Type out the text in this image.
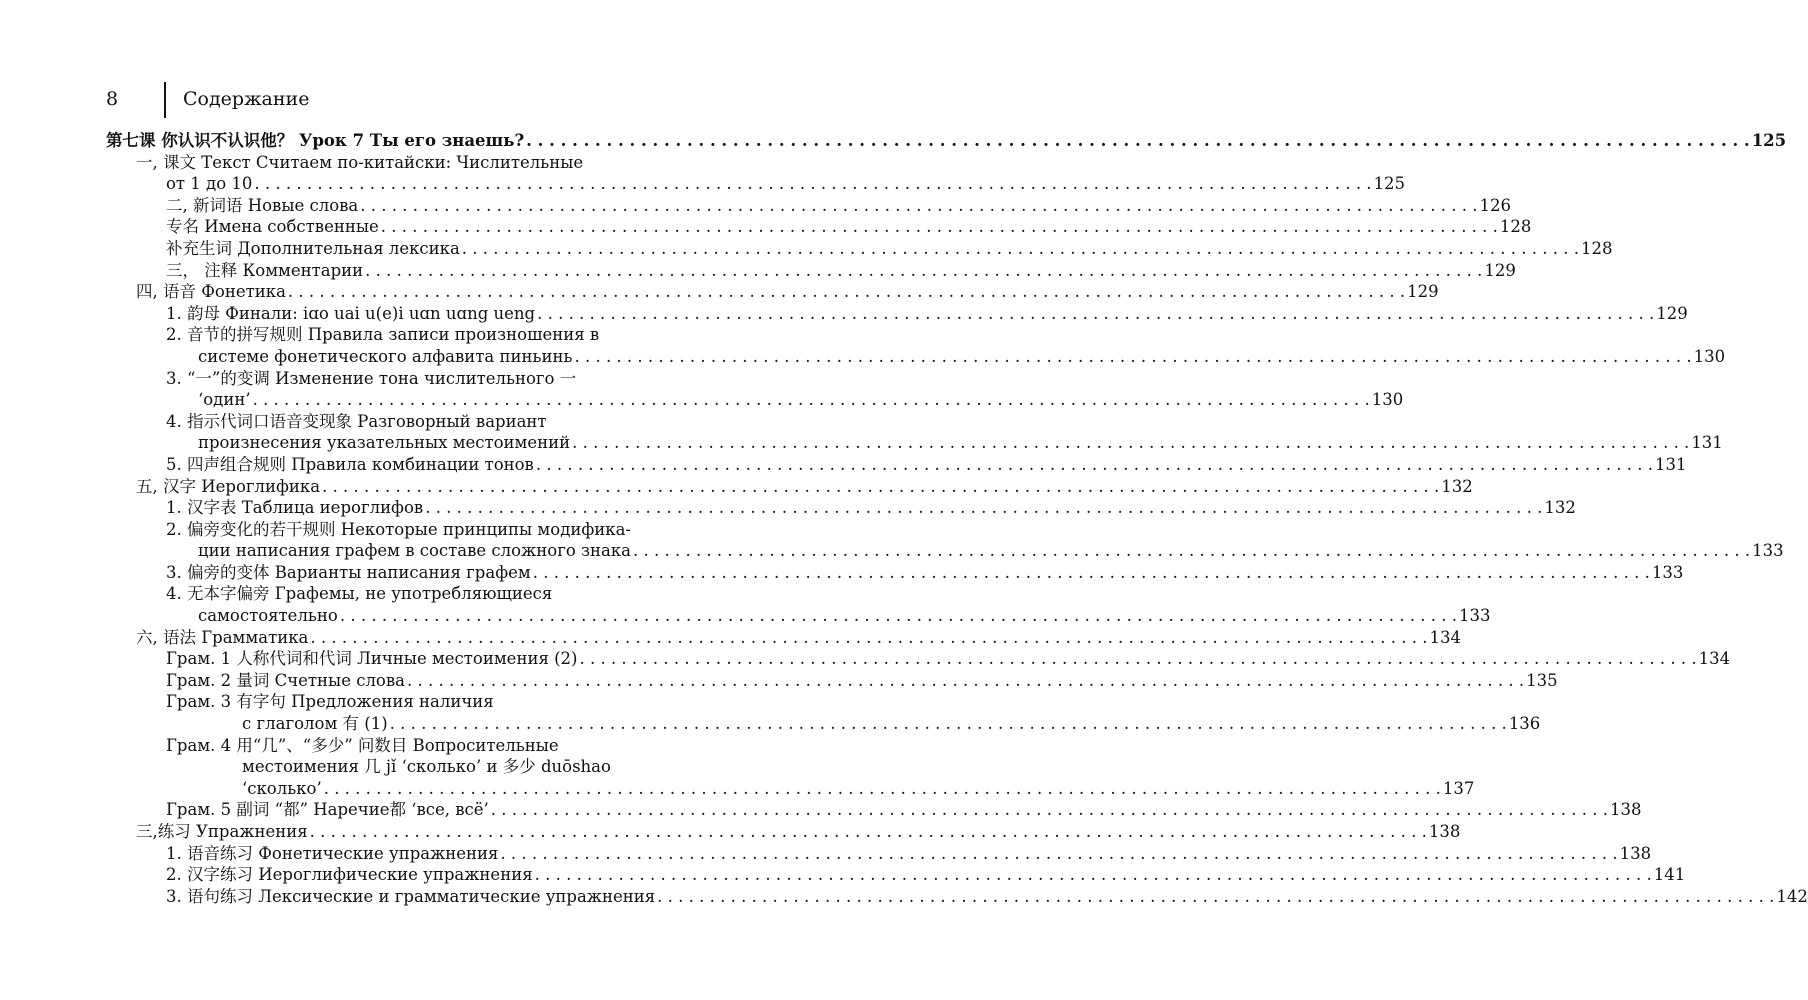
8	Содержание
第七课 你认识不认识他？ Урок 7 Ты его знаешь? . . .	125
一, 课文 Текст Считаем по-китайски: Числительные
от 1 до 10 . . .	125
二, 新词语 Новые слова . . .	126
专名 Имена собственные . . .	128
补充生词 Дополнительная лексика . . .	128
三， 注释 Комментарии . . .	129
四, 语音 Фонетика . . .	129
1. 韵母 Финали: iɑo uai u(e)i uɑn uɑng ueng . . .	129
2. 音节的拼写规则 Правила записи произношения в
системе фонетического алфавита пиньинь . . .	130
3. “一”的变调 Изменение тона числительного 一
‘один’ . . .	130
4. 指示代词口语音变现象 Разговорный вариант
произнесения указательных местоимений . . .	131
5. 四声组合规则 Правила комбинации тонов . . .	131
五, 汉字 Иероглифика . . .	132
1. 汉字表 Таблица иероглифов . . .	132
2. 偏旁变化的若干规则 Некоторые принципы модифика-
ции написания графем в составе сложного знака . . .	133
3. 偏旁的变体 Варианты написания графем . . .	133
4. 无本字偏旁 Графемы, не употребляющиеся
самостоятельно . . .	133
六, 语法 Грамматика . . .	134
Грам. 1 人称代词和代词 Личные местоимения (2) . . .	134
Грам. 2 量词 Счетные слова . . .	135
Грам. 3 有字句 Предложения наличия
с глаголом 有 (1) . . .	136
Грам. 4 用“几”、“多少” 问数目 Вопросительные
местоимения 几 jǐ ‘сколько’ и 多少 duōshao
‘сколько’ . . .	137
Грам. 5 副词 “都” Наречие都 ‘все, всё’ . . .	138
三,练习 Упражнения . . .	138
1. 语音练习 Фонетические упражнения . . .	138
2. 汉字练习 Иероглифические упражнения . . .	141
3. 语句练习 Лексические и грамматические упражнения . . .	142
